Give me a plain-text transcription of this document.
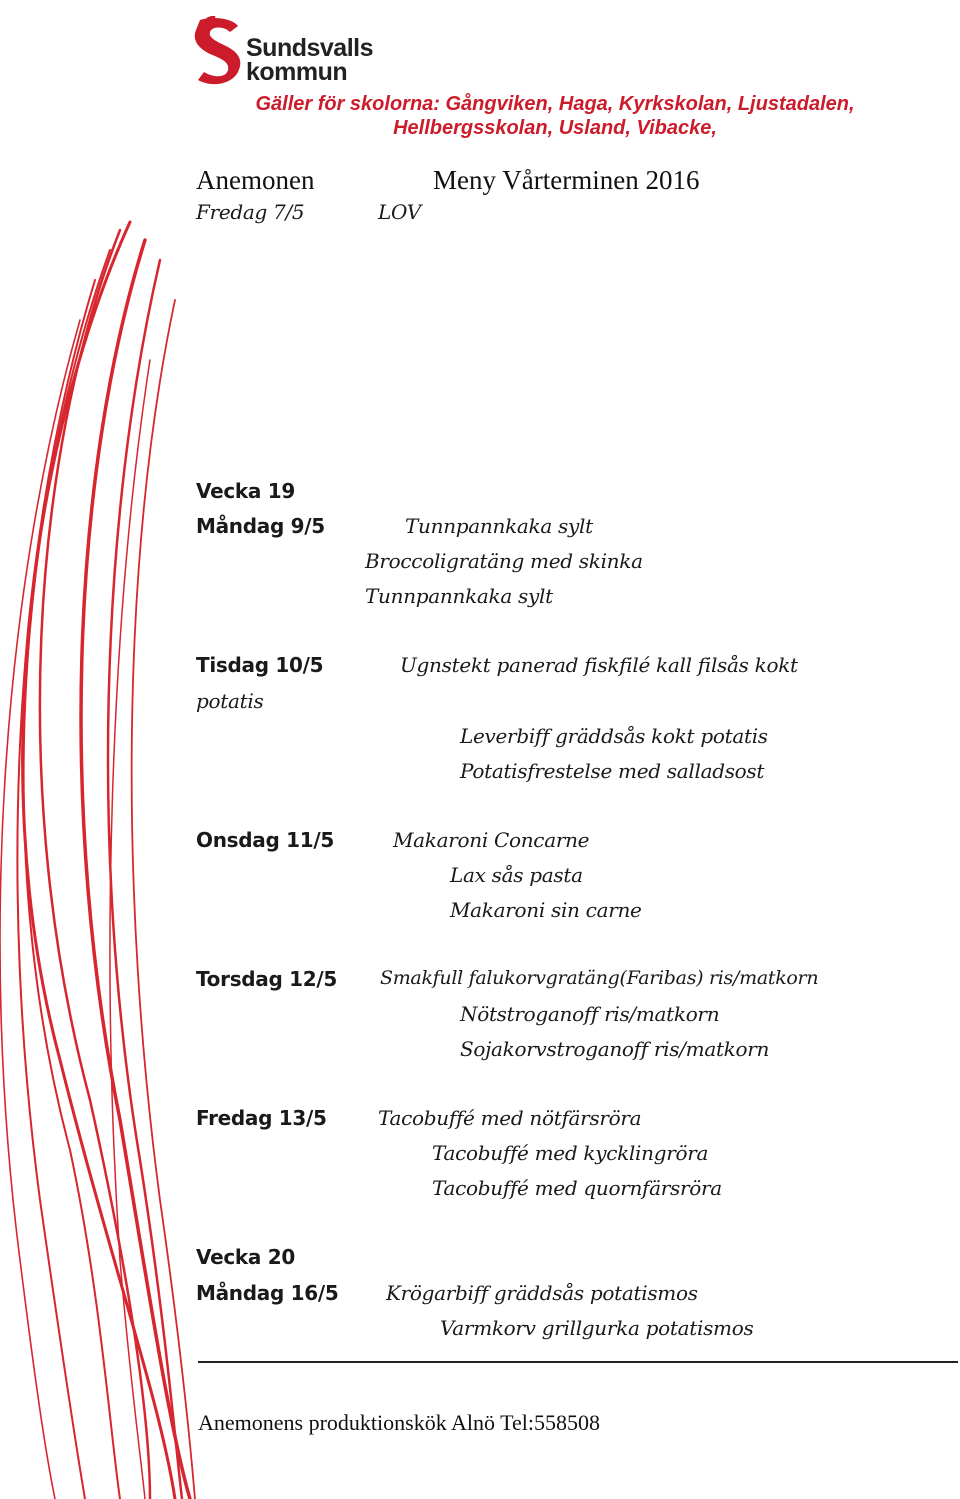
Sundsvalls
kommun
Gäller för skolorna: Gångviken, Haga, Kyrkskolan, Ljustadalen,
Hellbergsskolan, Usland, Vibacke,
Anemonen	Meny Vårterminen 2016
Fredag 7/5	LOV
Vecka 19
Måndag 9/5	Tunnpannkaka sylt
Broccoligratäng med skinka
Tunnpannkaka sylt
Tisdag 10/5	Ugnstekt panerad fiskfilé kall filsås kokt
potatis
Leverbiff gräddsås kokt potatis
Potatisfrestelse med salladsost
Onsdag 11/5	Makaroni Concarne
Lax sås pasta
Makaroni sin carne
Torsdag 12/5 Smakfull falukorvgratäng(Faribas) ris/matkorn
Nötstroganoff ris/matkorn
Sojakorvstroganoff ris/matkorn
Fredag 13/5	Tacobuffé med nötfärsröra
Tacobuffé med kycklingröra
Tacobuffé med quornfärsröra
Vecka 20
Måndag 16/5 Krögarbiff gräddsås potatismos
Varmkorv grillgurka potatismos
Anemonens produktionskök Alnö Tel:558508
